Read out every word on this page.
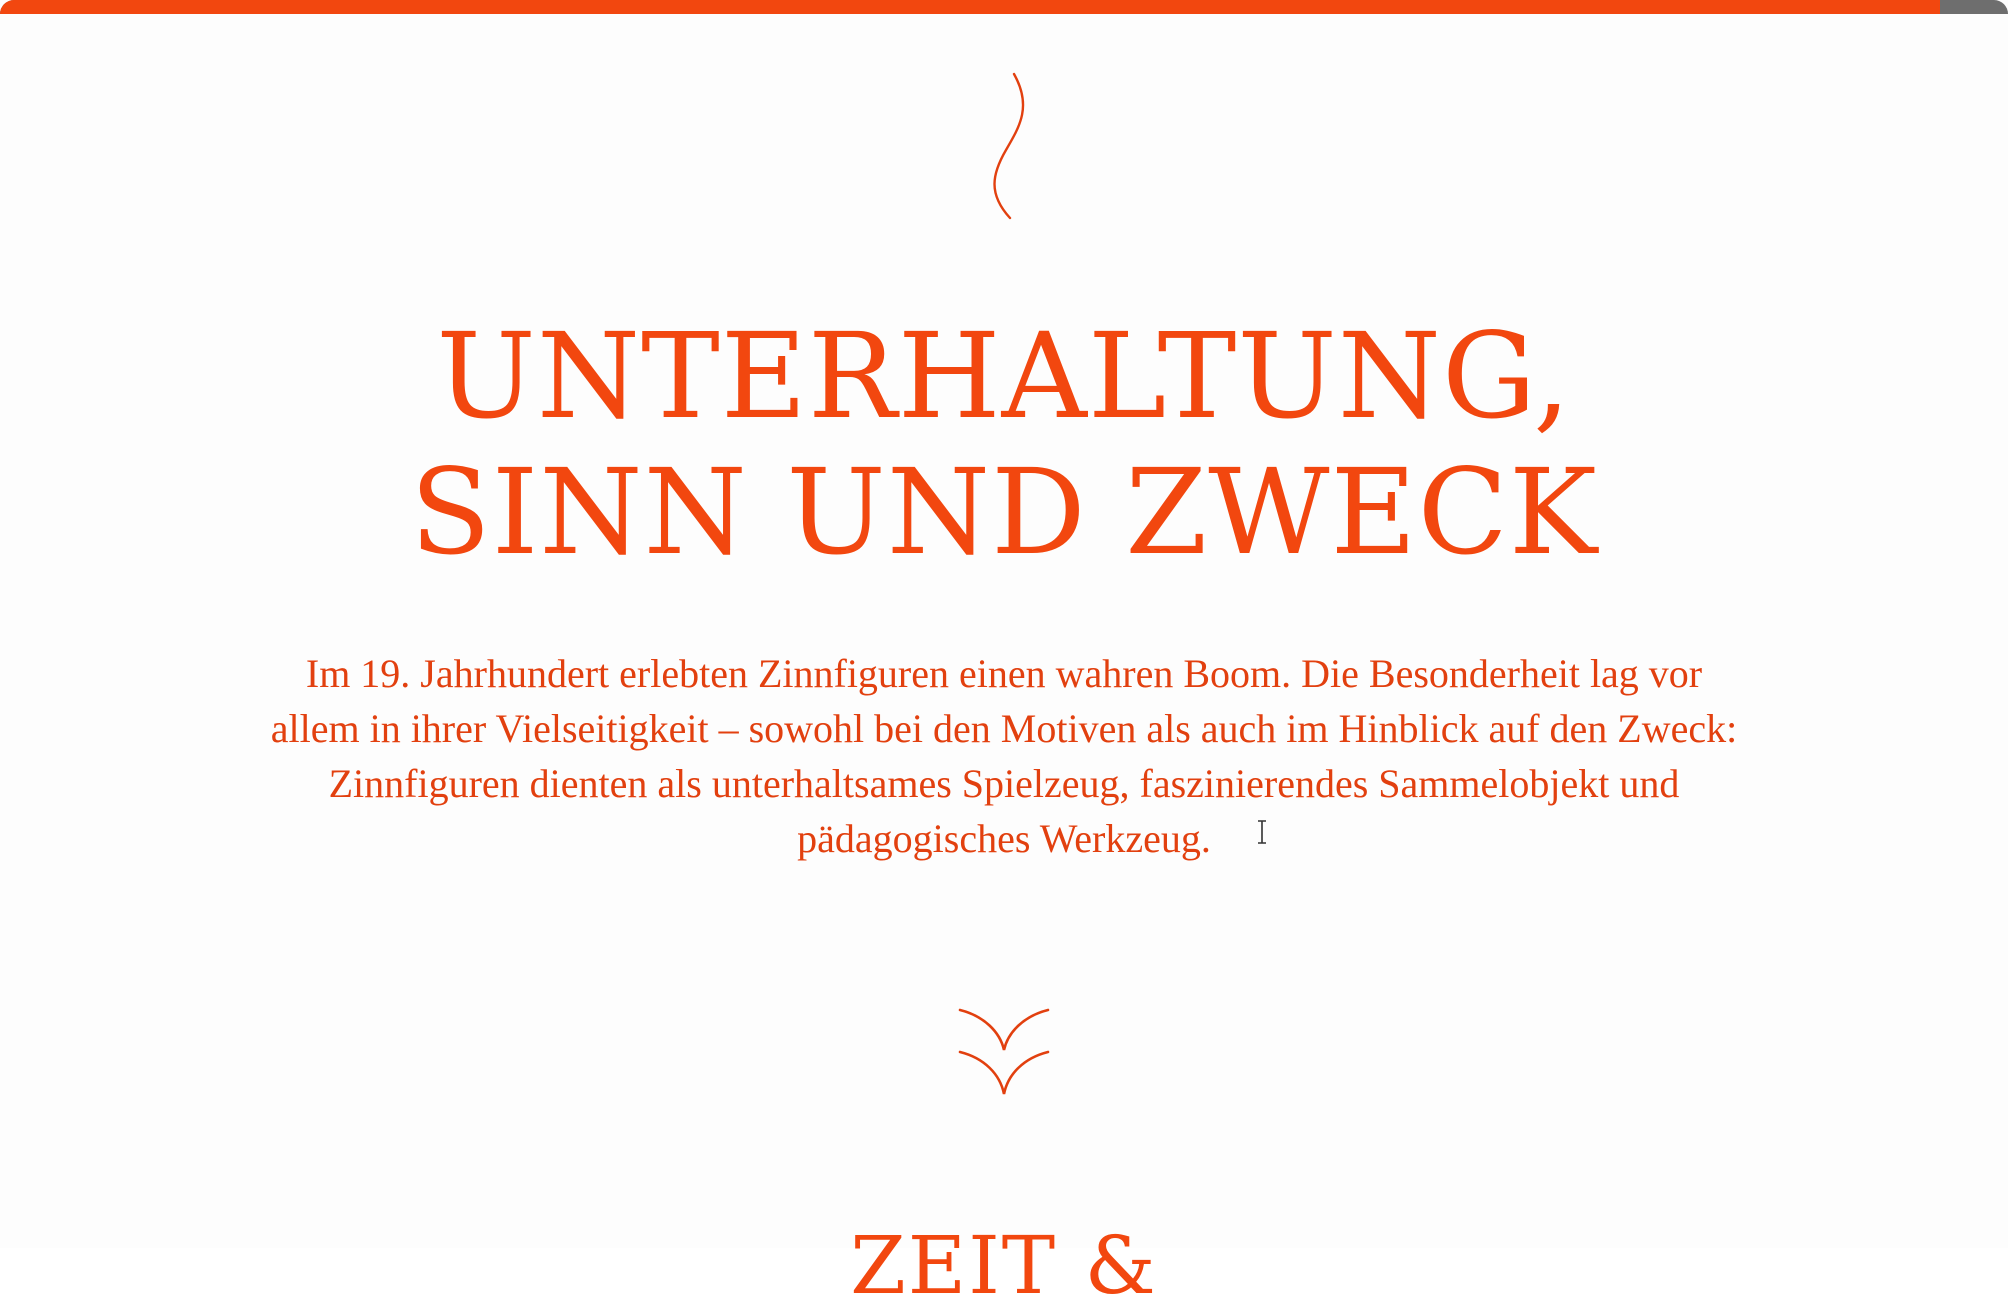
UNTERHALTUNG,
SINN UND ZWECK

Im 19. Jahrhundert erlebten Zinnfiguren einen wahren Boom. Die Besonderheit lag vor allem in ihrer Vielseitigkeit – sowohl bei den Motiven als auch im Hinblick auf den Zweck: Zinnfiguren dienten als unterhaltsames Spielzeug, faszinierendes Sammelobjekt und pädagogisches Werkzeug.

ZEIT &
